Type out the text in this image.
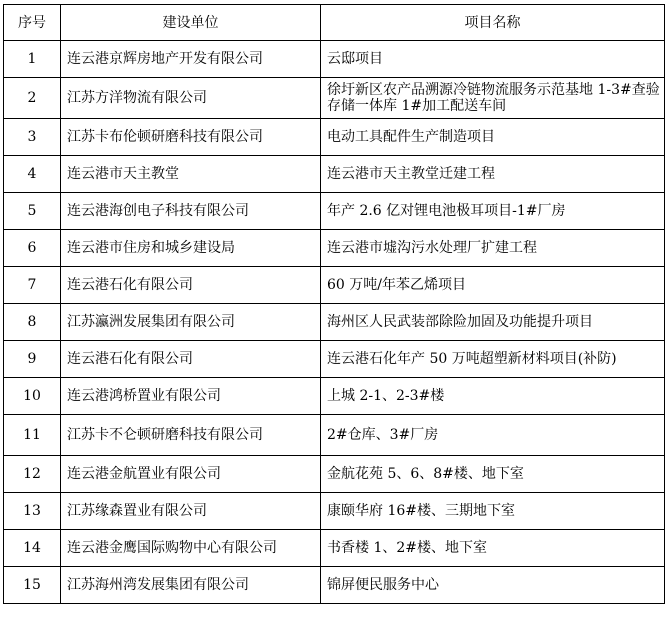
序号	建设单位	项目名称
1	连云港京辉房地产开发有限公司	云邸项目
2	江苏方洋物流有限公司	徐圩新区农产品溯源冷链物流服务示范基地 1-3#查验存储一体库 1#加工配送车间
3	江苏卡布伦顿研磨科技有限公司	电动工具配件生产制造项目
4	连云港市天主教堂	连云港市天主教堂迁建工程
5	连云港海创电子科技有限公司	年产 2.6 亿对锂电池极耳项目-1#厂房
6	连云港市住房和城乡建设局	连云港市墟沟污水处理厂扩建工程
7	连云港石化有限公司	60 万吨/年苯乙烯项目
8	江苏瀛洲发展集团有限公司	海州区人民武装部除险加固及功能提升项目
9	连云港石化有限公司	连云港石化年产 50 万吨超塑新材料项目(补防)
10	连云港鸿桥置业有限公司	上城 2-1、2-3#楼
11	江苏卡不仑顿研磨科技有限公司	2#仓库、3#厂房
12	连云港金航置业有限公司	金航花苑 5、6、8#楼、地下室
13	江苏缘森置业有限公司	康颐华府 16#楼、三期地下室
14	连云港金鹰国际购物中心有限公司	书香楼 1、2#楼、地下室
15	江苏海州湾发展集团有限公司	锦屏便民服务中心
